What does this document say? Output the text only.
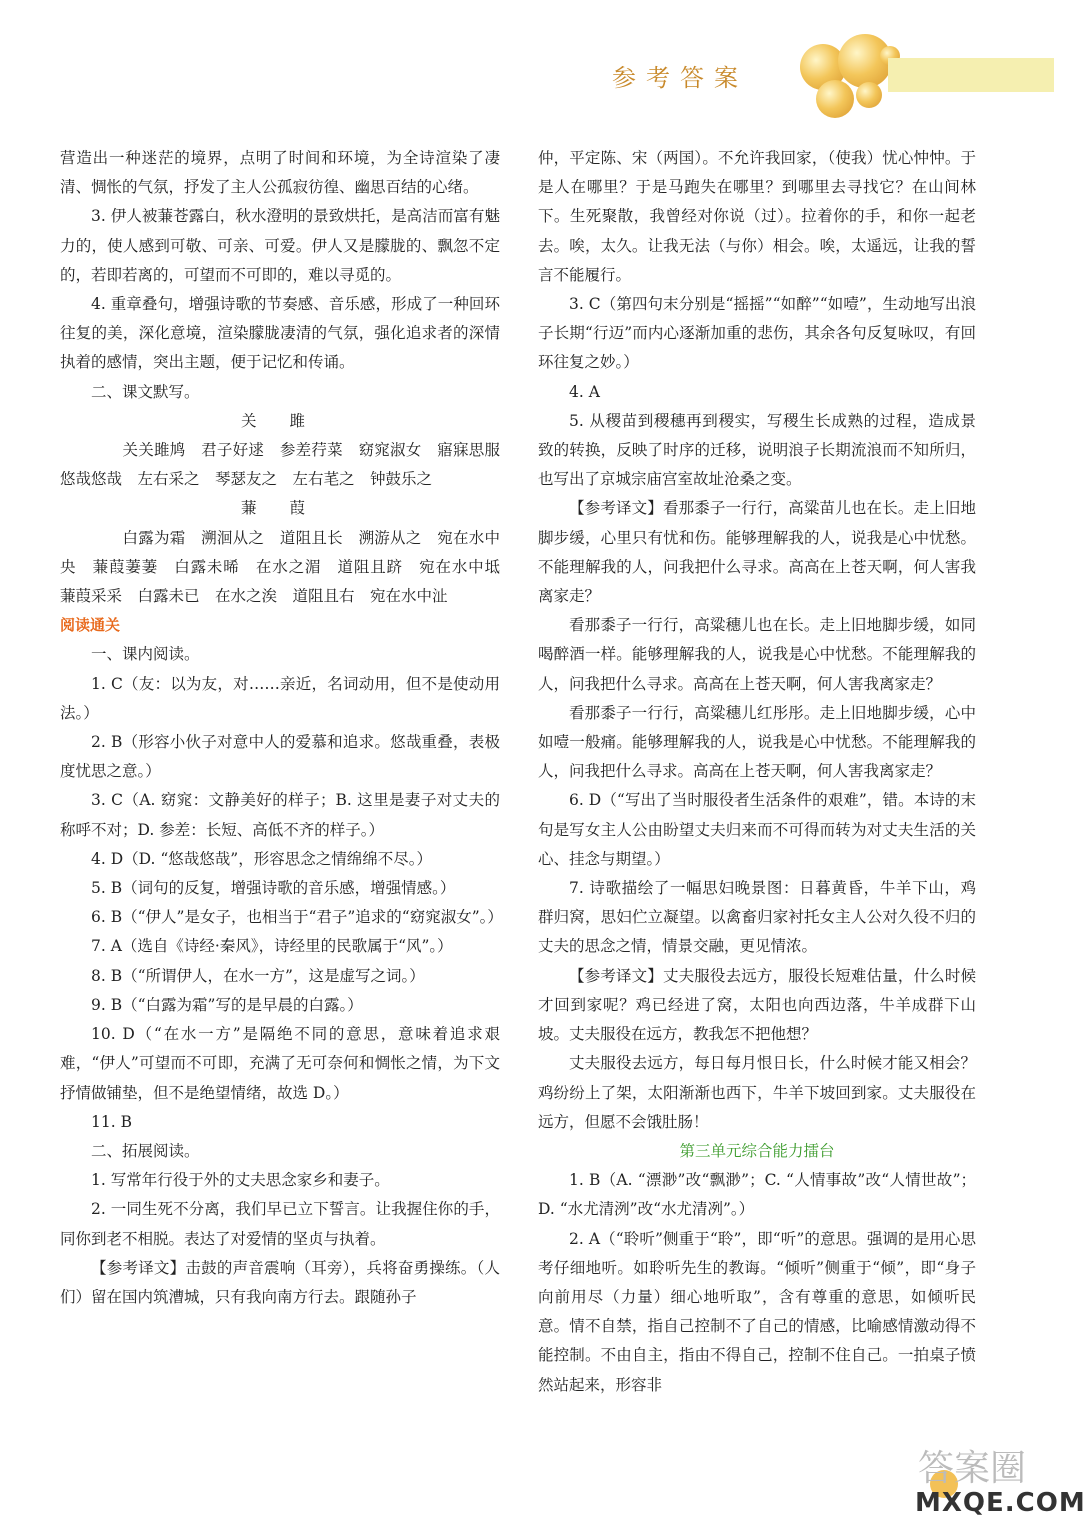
参考答案

营造出一种迷茫的境界，点明了时间和环境，为全诗渲染了凄清、惆怅的气氛，抒发了主人公孤寂彷徨、幽思百结的心绪。

3. 伊人被蒹苍露白，秋水澄明的景致烘托，是高洁而富有魅力的，使人感到可敬、可亲、可爱。伊人又是朦胧的、飘忽不定的，若即若离的，可望而不可即的，难以寻觅的。

4. 重章叠句，增强诗歌的节奏感、音乐感，形成了一种回环往复的美，深化意境，渲染朦胧凄清的气氛，强化追求者的深情执着的感情，突出主题，便于记忆和传诵。

二、课文默写。

关 雎

　　关关雎鸠　君子好逑　参差荇菜　窈窕淑女　寤寐思服　悠哉悠哉　左右采之　琴瑟友之　左右芼之　钟鼓乐之

蒹 葭

　　白露为霜　溯洄从之　道阻且长　溯游从之　宛在水中央　蒹葭萋萋　白露未晞　在水之湄　道阻且跻　宛在水中坻　蒹葭采采　白露未已　在水之涘　道阻且右　宛在水中沚

阅读通关

一、课内阅读。

1. C（友：以为友，对……亲近，名词动用，但不是使动用法。）

2. B（形容小伙子对意中人的爱慕和追求。悠哉重叠，表极度忧思之意。）

3. C（A. 窈窕：文静美好的样子；B. 这里是妻子对丈夫的称呼不对；D. 参差：长短、高低不齐的样子。）

4. D（D. “悠哉悠哉”，形容思念之情绵绵不尽。）

5. B（词句的反复，增强诗歌的音乐感，增强情感。）

6. B（“伊人”是女子，也相当于“君子”追求的“窈窕淑女”。）

7. A（选自《诗经·秦风》，诗经里的民歌属于“风”。）

8. B（“所谓伊人，在水一方”，这是虚写之词。）

9. B（“白露为霜”写的是早晨的白露。）

10. D（“在水一方”是隔绝不同的意思，意味着追求艰难，“伊人”可望而不可即，充满了无可奈何和惆怅之情，为下文抒情做铺垫，但不是绝望情绪，故选 D。）

11. B

二、拓展阅读。

1. 写常年行役于外的丈夫思念家乡和妻子。

2. 一同生死不分离，我们早已立下誓言。让我握住你的手，同你到老不相脱。表达了对爱情的坚贞与执着。

【参考译文】击鼓的声音震响（耳旁），兵将奋勇操练。（人们）留在国内筑漕城，只有我向南方行去。跟随孙子

仲，平定陈、宋（两国）。不允许我回家，（使我）忧心忡忡。于是人在哪里？于是马跑失在哪里？到哪里去寻找它？在山间林下。生死聚散，我曾经对你说（过）。拉着你的手，和你一起老去。唉，太久。让我无法（与你）相会。唉，太遥远，让我的誓言不能履行。

3. C（第四句末分别是“摇摇”“如醉”“如噎”，生动地写出浪子长期“行迈”而内心逐渐加重的悲伤，其余各句反复咏叹，有回环往复之妙。）

4. A

5. 从稷苗到稷穗再到稷实，写稷生长成熟的过程，造成景致的转换，反映了时序的迁移，说明浪子长期流浪而不知所归，也写出了京城宗庙宫室故址沧桑之变。

【参考译文】看那黍子一行行，高粱苗儿也在长。走上旧地脚步缓，心里只有忧和伤。能够理解我的人，说我是心中忧愁。不能理解我的人，问我把什么寻求。高高在上苍天啊，何人害我离家走？

看那黍子一行行，高粱穗儿也在长。走上旧地脚步缓，如同喝醉酒一样。能够理解我的人，说我是心中忧愁。不能理解我的人，问我把什么寻求。高高在上苍天啊，何人害我离家走？

看那黍子一行行，高粱穗儿红彤彤。走上旧地脚步缓，心中如噎一般痛。能够理解我的人，说我是心中忧愁。不能理解我的人，问我把什么寻求。高高在上苍天啊，何人害我离家走？

6. D（“写出了当时服役者生活条件的艰难”，错。本诗的末句是写女主人公由盼望丈夫归来而不可得而转为对丈夫生活的关心、挂念与期望。）

7. 诗歌描绘了一幅思妇晚景图：日暮黄昏，牛羊下山，鸡群归窝，思妇伫立凝望。以禽畜归家衬托女主人公对久役不归的丈夫的思念之情，情景交融，更见情浓。

【参考译文】丈夫服役去远方，服役长短难估量，什么时候才回到家呢？鸡已经进了窝，太阳也向西边落，牛羊成群下山坡。丈夫服役在远方，教我怎不把他想？

丈夫服役去远方，每日每月恨日长，什么时候才能又相会？鸡纷纷上了架，太阳渐渐也西下，牛羊下坡回到家。丈夫服役在远方，但愿不会饿肚肠！

第三单元综合能力擂台

1. B（A. “漂渺”改“飘渺”；C. “人情事故”改“人情世故”；D. “水尤清洌”改“水尤清冽”。）

2. A（“聆听”侧重于“聆”，即“听”的意思。强调的是用心思考仔细地听。如聆听先生的教诲。“倾听”侧重于“倾”，即“身子向前用尽（力量）细心地听取”，含有尊重的意思，如倾听民意。情不自禁，指自己控制不了自己的情感，比喻感情激动得不能控制。不由自主，指由不得自己，控制不住自己。一拍桌子愤然站起来，形容非

答案圈
MXQE.COM
